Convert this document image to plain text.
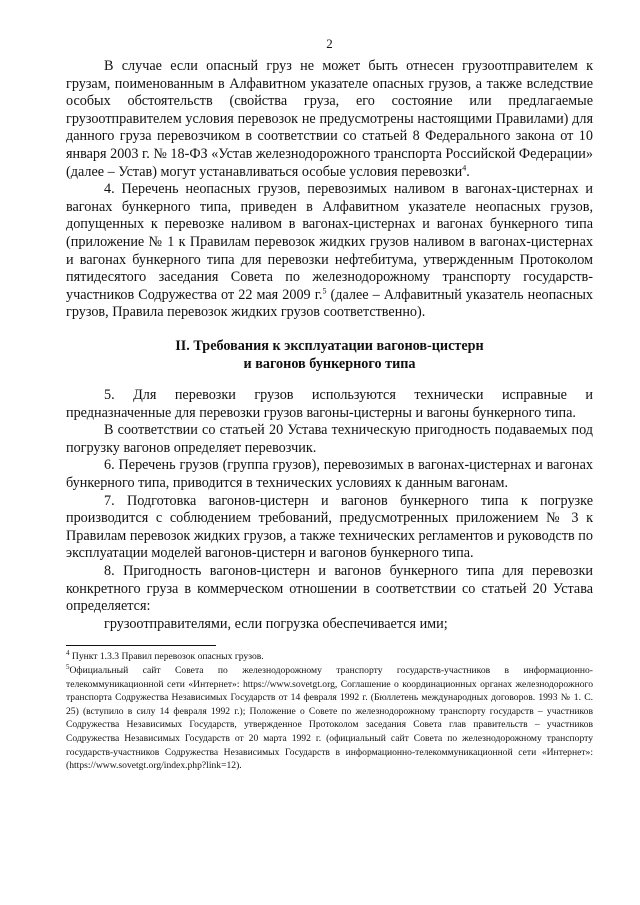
2

В случае если опасный груз не может быть отнесен грузоотправителем к грузам, поименованным в Алфавитном указателе опасных грузов, а также вследствие особых обстоятельств (свойства груза, его состояние или предлагаемые грузоотправителем условия перевозок не предусмотрены настоящими Правилами) для данного груза перевозчиком в соответствии со статьей 8 Федерального закона от 10 января 2003 г. № 18-ФЗ «Устав железнодорожного транспорта Российской Федерации» (далее – Устав) могут устанавливаться особые условия перевозки$^4$.

4. Перечень неопасных грузов, перевозимых наливом в вагонах-цистернах и вагонах бункерного типа, приведен в Алфавитном указателе неопасных грузов, допущенных к перевозке наливом в вагонах-цистернах и вагонах бункерного типа (приложение № 1 к Правилам перевозок жидких грузов наливом в вагонах-цистернах и вагонах бункерного типа для перевозки нефтебитума, утвержденным Протоколом пятидесятого заседания Совета по железнодорожному транспорту государств-участников Содружества от 22 мая 2009 г.$^5$ (далее – Алфавитный указатель неопасных грузов, Правила перевозок жидких грузов соответственно).

II. Требования к эксплуатации вагонов-цистерн
и вагонов бункерного типа

5. Для перевозки грузов используются технически исправные и предназначенные для перевозки грузов вагоны-цистерны и вагоны бункерного типа.

В соответствии со статьей 20 Устава техническую пригодность подаваемых под погрузку вагонов определяет перевозчик.

6. Перечень грузов (группа грузов), перевозимых в вагонах-цистернах и вагонах бункерного типа, приводится в технических условиях к данным вагонам.

7. Подготовка вагонов-цистерн и вагонов бункерного типа к погрузке производится с соблюдением требований, предусмотренных приложением № 3 к Правилам перевозок жидких грузов, а также технических регламентов и руководств по эксплуатации моделей вагонов-цистерн и вагонов бункерного типа.

8. Пригодность вагонов-цистерн и вагонов бункерного типа для перевозки конкретного груза в коммерческом отношении в соответствии со статьей 20 Устава определяется:

грузоотправителями, если погрузка обеспечивается ими;

$^4$ Пункт 1.3.3 Правил перевозок опасных грузов.

$^5$Официальный сайт Совета по железнодорожному транспорту государств-участников в информационно-телекоммуникационной сети «Интернет»: https://www.sovetgt.org, Соглашение о координационных органах железнодорожного транспорта Содружества Независимых Государств от 14 февраля 1992 г. (Бюллетень международных договоров. 1993 № 1. С. 25) (вступило в силу 14 февраля 1992 г.); Положение о Совете по железнодорожному транспорту государств – участников Содружества Независимых Государств, утвержденное Протоколом заседания Совета глав правительств – участников Содружества Независимых Государств от 20 марта 1992 г. (официальный сайт Совета по железнодорожному транспорту государств-участников Содружества Независимых Государств в информационно-телекоммуникационной сети «Интернет»: (https://www.sovetgt.org/index.php?link=12).
